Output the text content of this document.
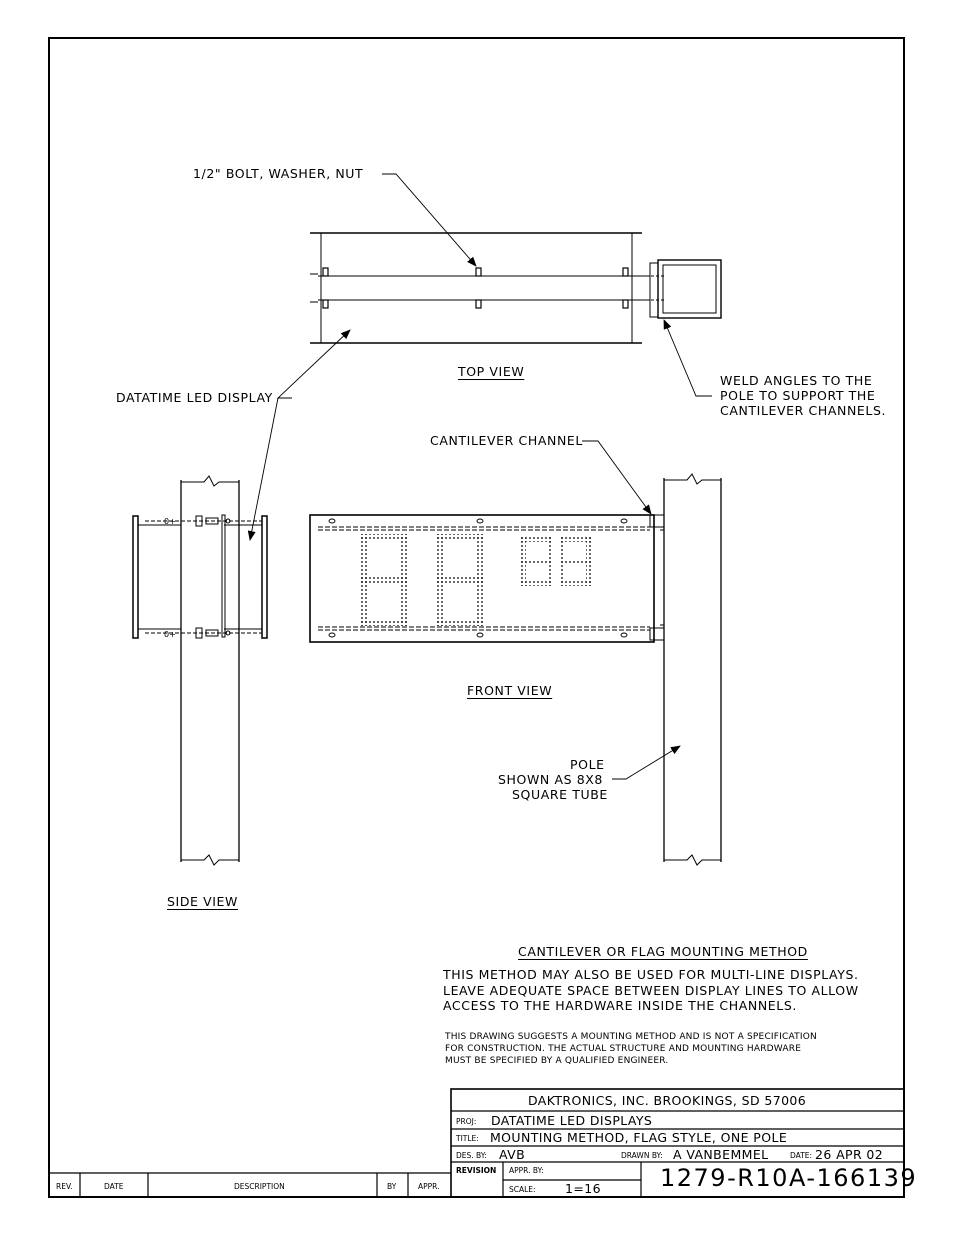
0+
0+
1/2" BOLT, WASHER, NUT
DATATIME LED DISPLAY
TOP VIEW
WELD ANGLES TO THE
POLE TO SUPPORT THE
CANTILEVER CHANNELS.
CANTILEVER CHANNEL
FRONT VIEW
POLE
SHOWN AS 8X8
SQUARE TUBE
SIDE VIEW
CANTILEVER OR FLAG MOUNTING METHOD
THIS METHOD MAY ALSO BE USED FOR MULTI-LINE DISPLAYS.
LEAVE ADEQUATE SPACE BETWEEN DISPLAY LINES TO ALLOW
ACCESS TO THE HARDWARE INSIDE THE CHANNELS.
THIS DRAWING SUGGESTS A MOUNTING METHOD AND IS NOT A SPECIFICATION
FOR CONSTRUCTION. THE ACTUAL STRUCTURE AND MOUNTING HARDWARE
MUST BE SPECIFIED BY A QUALIFIED ENGINEER.
DAKTRONICS, INC. BROOKINGS, SD 57006
PROJ: DATATIME LED DISPLAYS
TITLE: MOUNTING METHOD, FLAG STYLE, ONE POLE
DES. BY: AVB	DRAWN BY: A VANBEMMEL	DATE: 26 APR 02
REVISION APPR. BY:
SCALE: 1=16 1279-R10A-166139
REV.	DATE	DESCRIPTION	BY	APPR.
